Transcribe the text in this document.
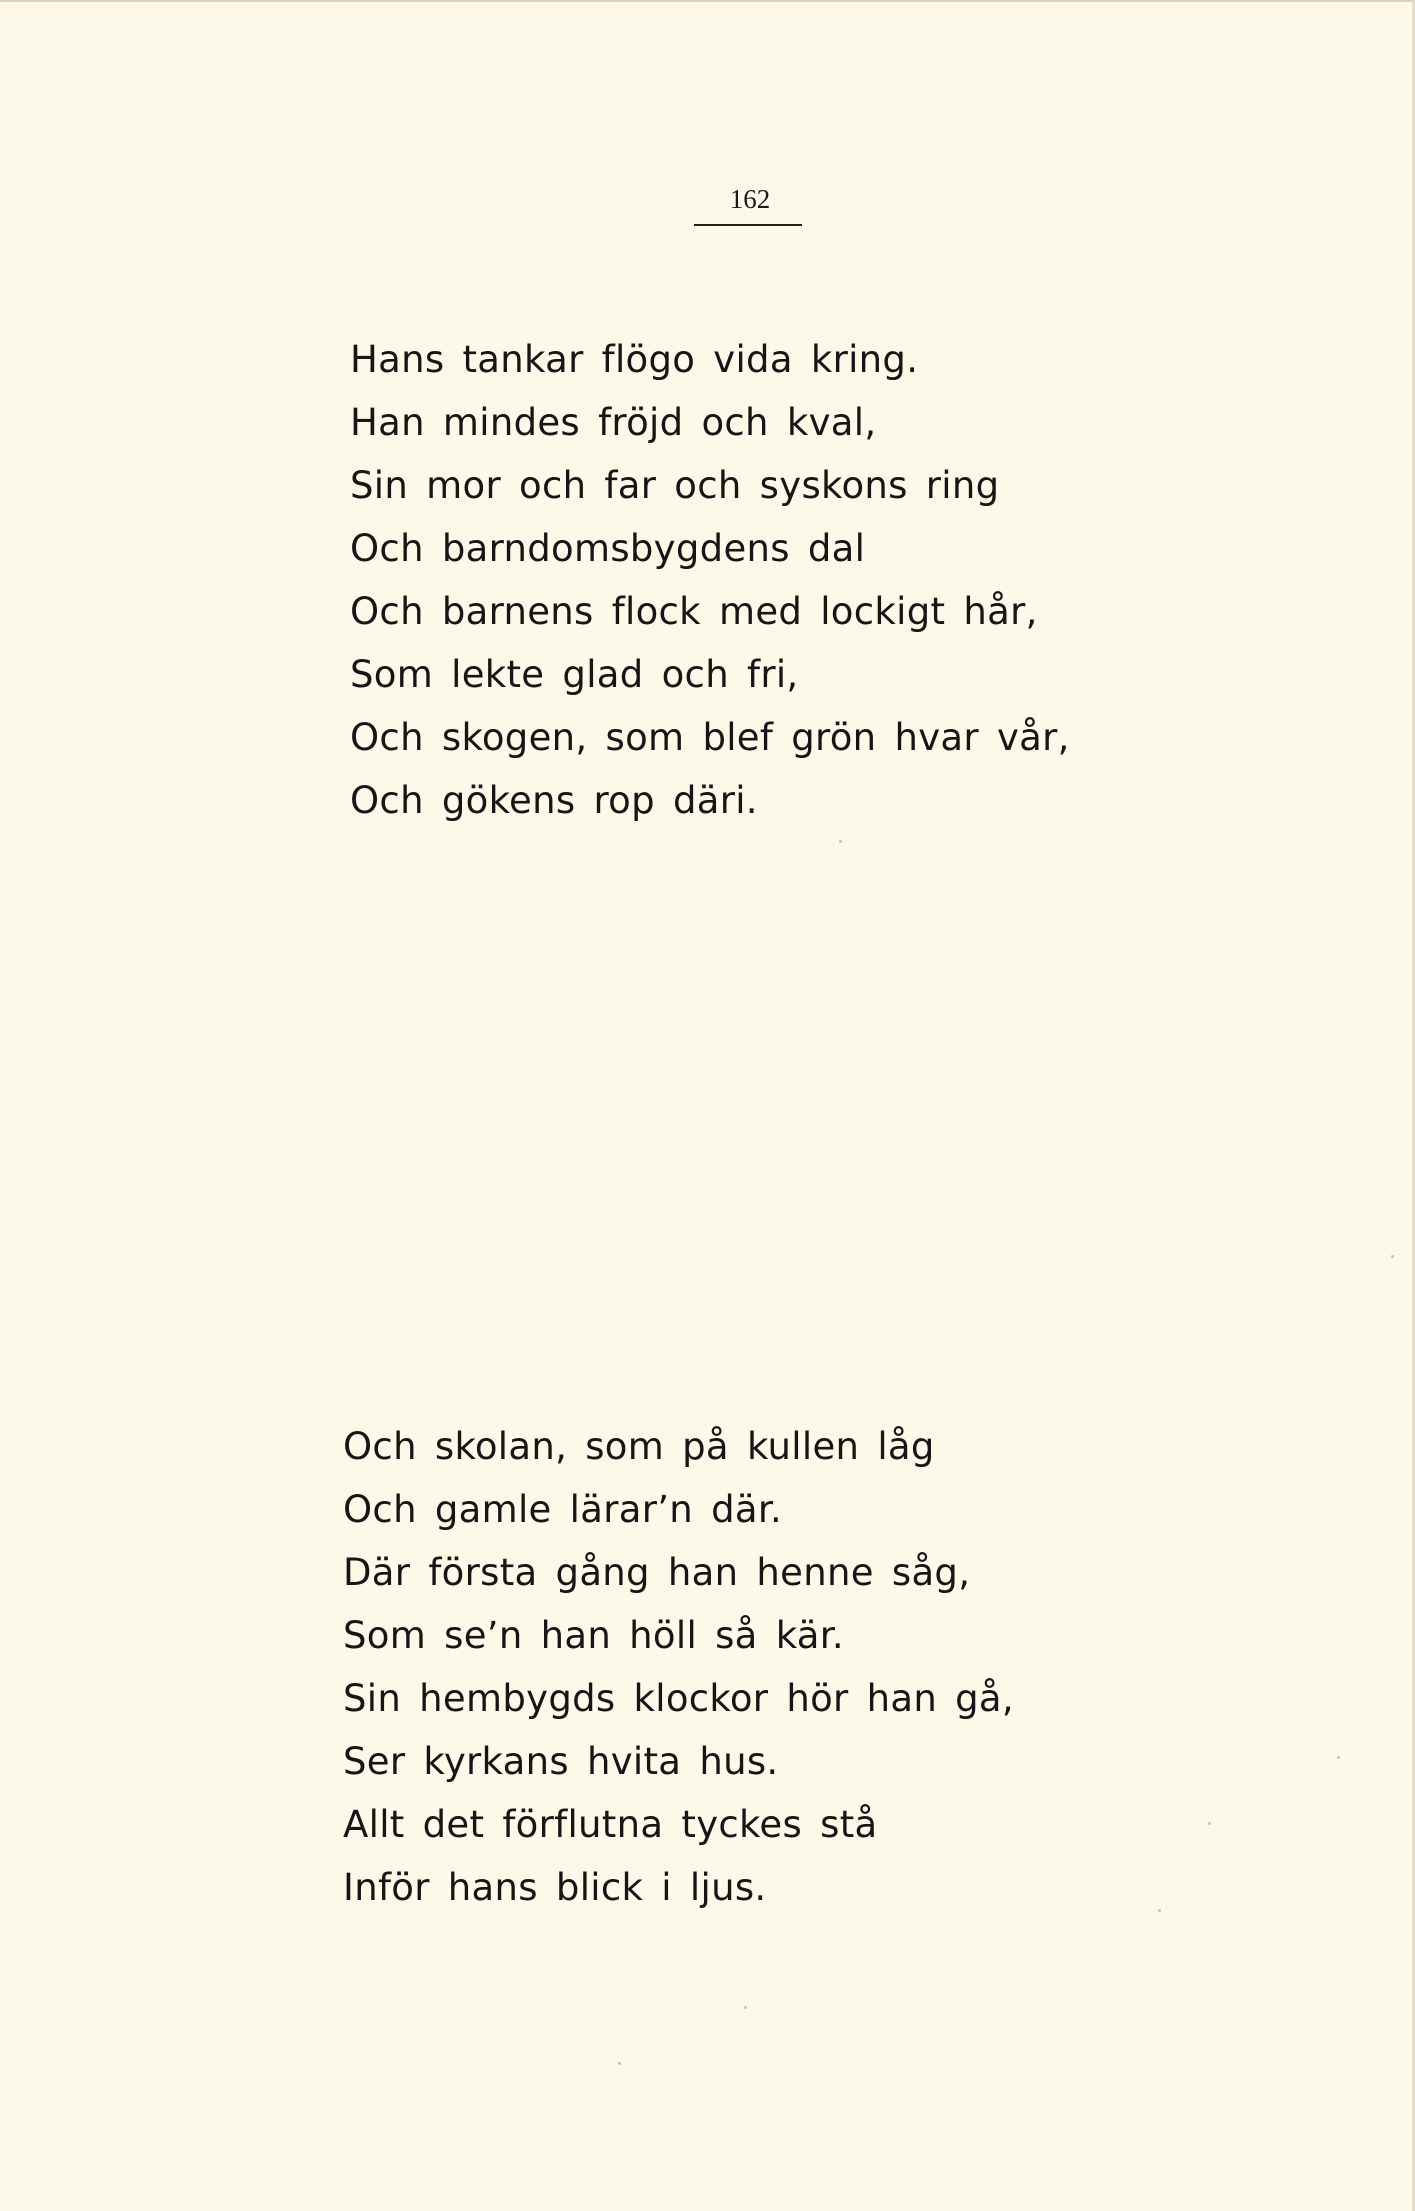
162
Hans tankar flögo vida kring.
Han mindes fröjd och kval,
Sin mor och far och syskons ring
Och barndomsbygdens dal
Och barnens flock med lockigt hår,
Som lekte glad och fri,
Och skogen, som blef grön hvar vår,
Och gökens rop däri.
Och skolan, som på kullen låg
Och gamle lärar’n där.
Där första gång han henne såg,
Som se’n han höll så kär.
Sin hembygds klockor hör han gå,
Ser kyrkans hvita hus.
Allt det förflutna tyckes stå
Inför hans blick i ljus.
